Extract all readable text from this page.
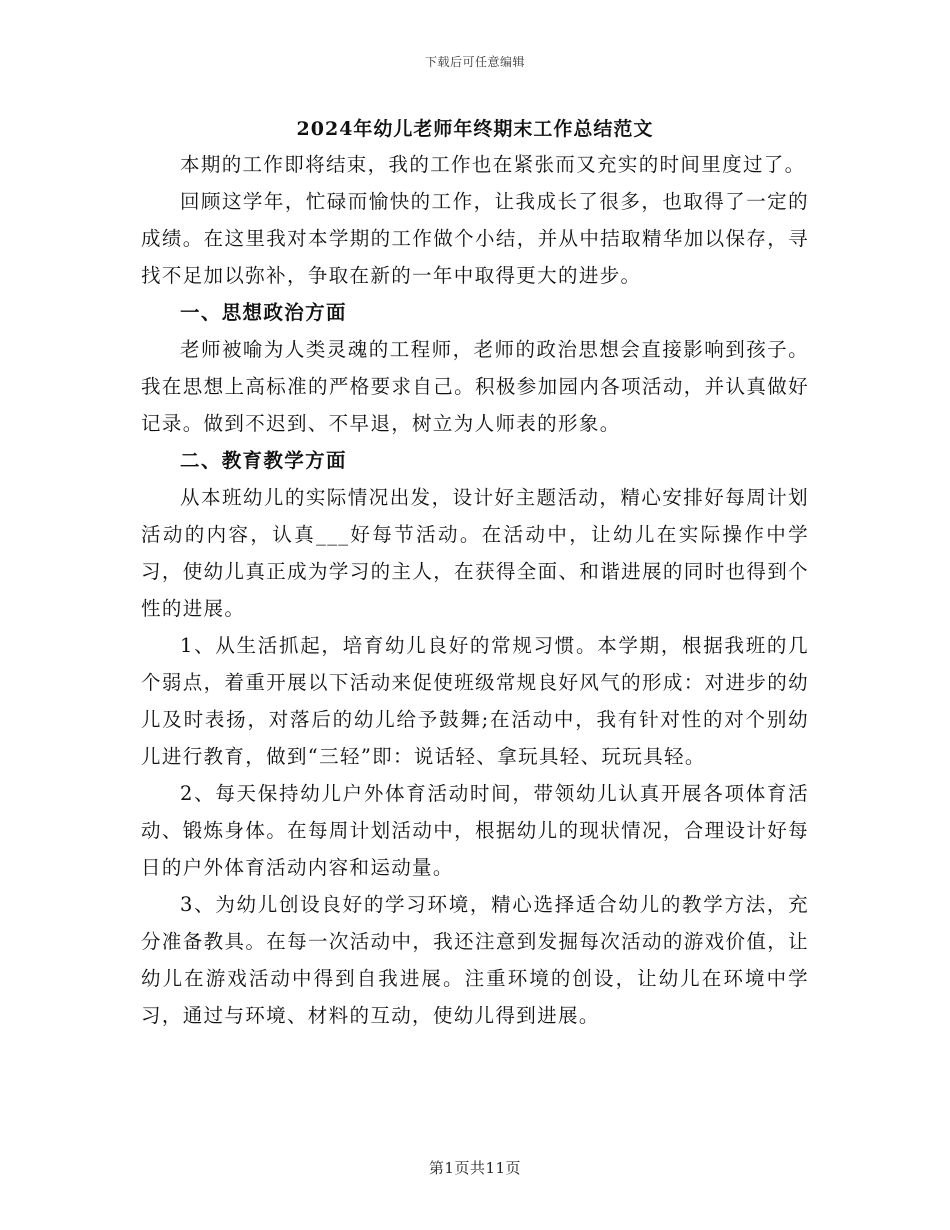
下载后可任意编辑
2024年幼儿老师年终期末工作总结范文

本期的工作即将结束，我的工作也在紧张而又充实的时间里度过了。

回顾这学年，忙碌而愉快的工作，让我成长了很多，也取得了一定的成绩。在这里我对本学期的工作做个小结，并从中拮取精华加以保存，寻找不足加以弥补，争取在新的一年中取得更大的进步。

一、思想政治方面

老师被喻为人类灵魂的工程师，老师的政治思想会直接影响到孩子。我在思想上高标准的严格要求自己。积极参加园内各项活动，并认真做好记录。做到不迟到、不早退，树立为人师表的形象。

二、教育教学方面

从本班幼儿的实际情况出发，设计好主题活动，精心安排好每周计划活动的内容，认真___好每节活动。在活动中，让幼儿在实际操作中学习，使幼儿真正成为学习的主人，在获得全面、和谐进展的同时也得到个性的进展。

1、从生活抓起，培育幼儿良好的常规习惯。本学期，根据我班的几个弱点，着重开展以下活动来促使班级常规良好风气的形成：对进步的幼儿及时表扬，对落后的幼儿给予鼓舞;在活动中，我有针对性的对个别幼儿进行教育，做到“三轻”即：说话轻、拿玩具轻、玩玩具轻。

2、每天保持幼儿户外体育活动时间，带领幼儿认真开展各项体育活动、锻炼身体。在每周计划活动中，根据幼儿的现状情况，合理设计好每日的户外体育活动内容和运动量。

3、为幼儿创设良好的学习环境，精心选择适合幼儿的教学方法，充分准备教具。在每一次活动中，我还注意到发掘每次活动的游戏价值，让幼儿在游戏活动中得到自我进展。注重环境的创设，让幼儿在环境中学习，通过与环境、材料的互动，使幼儿得到进展。

第1页共11页
